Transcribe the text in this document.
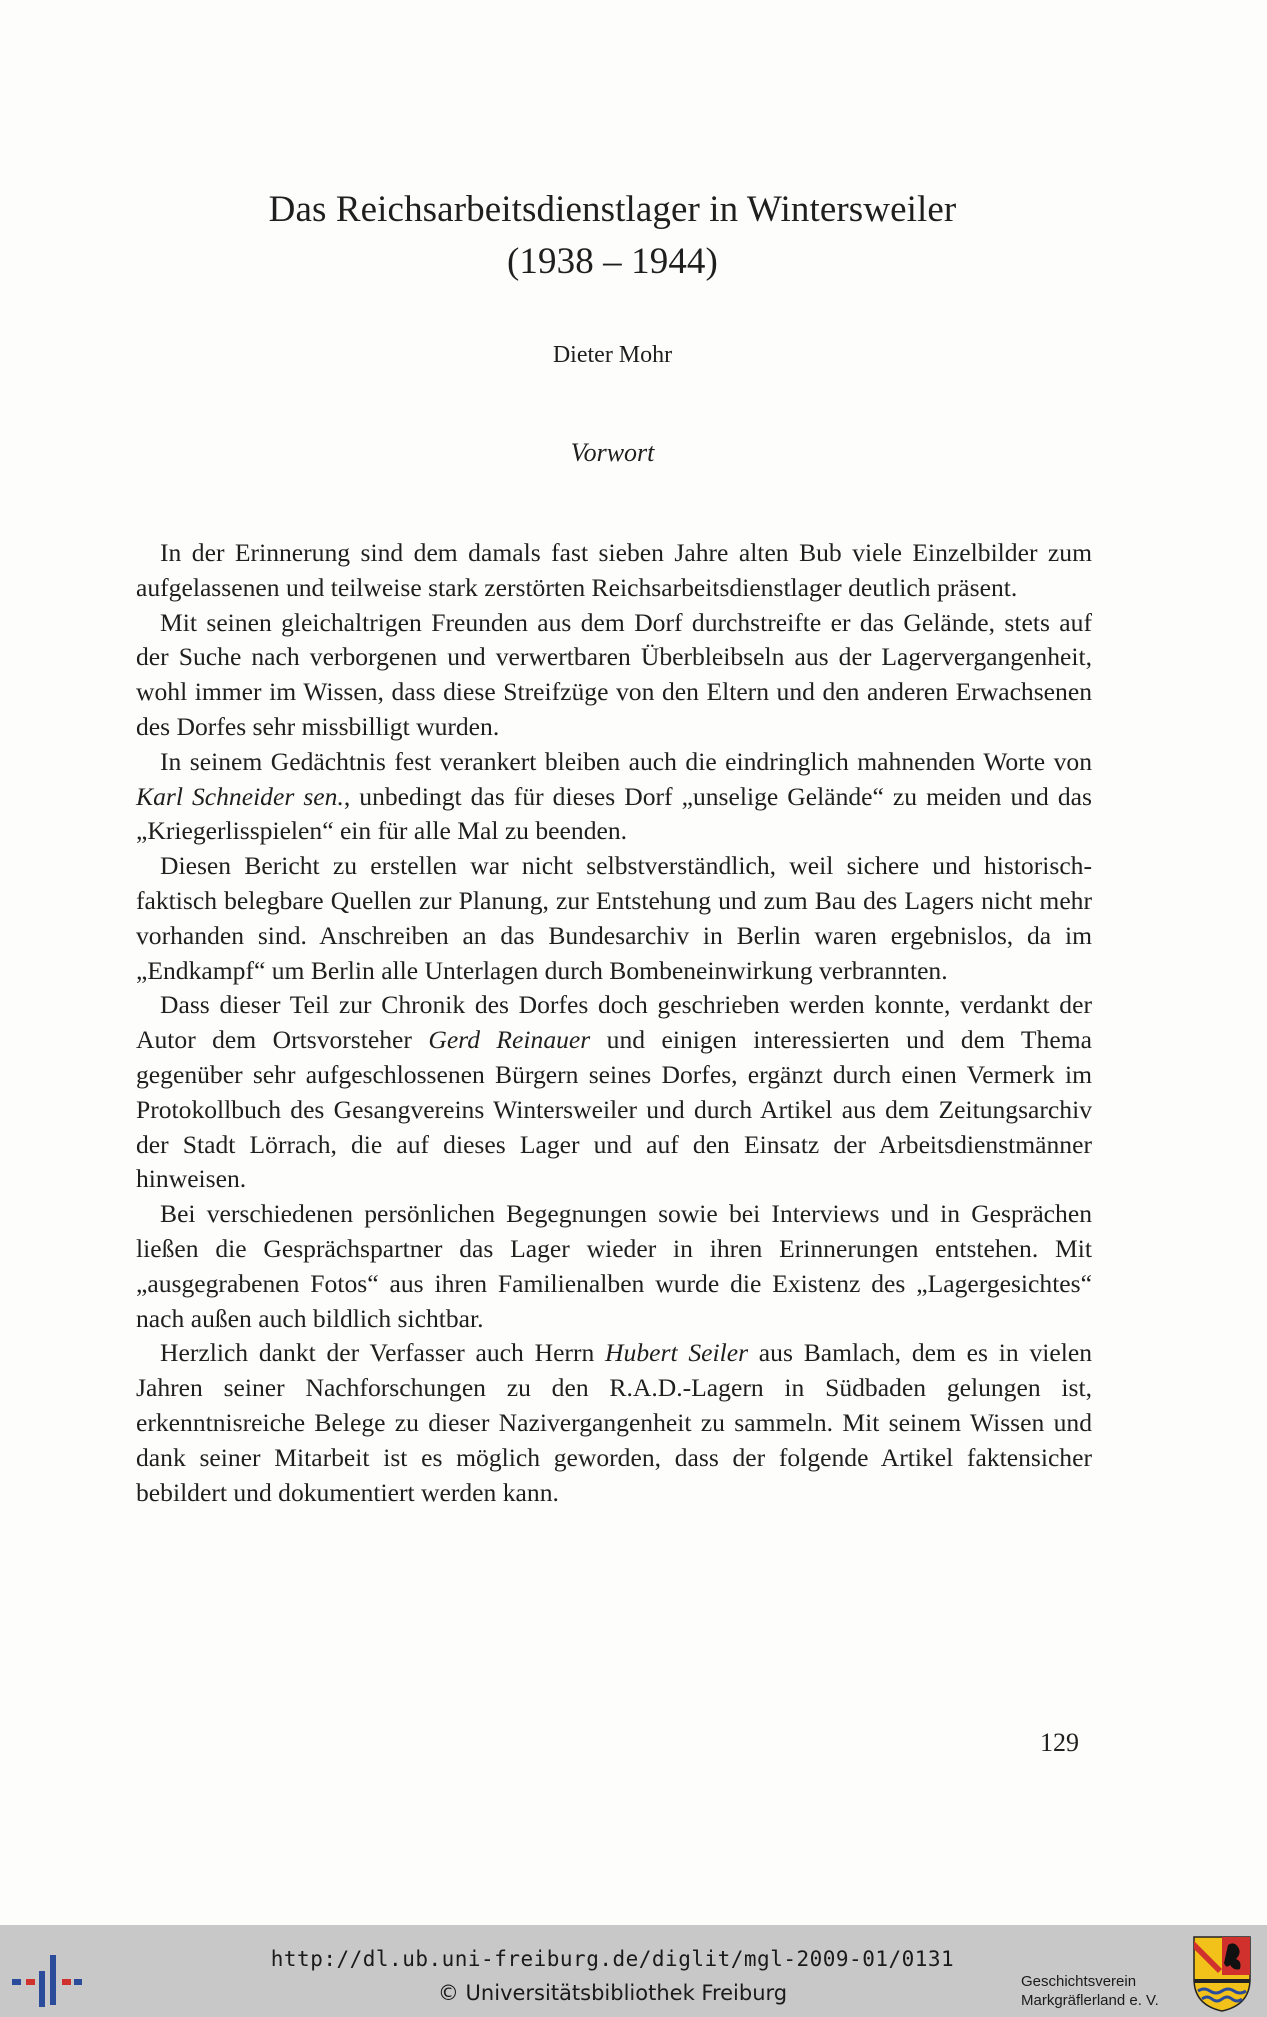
Das Reichsarbeitsdienstlager in Wintersweiler
(1938 – 1944)
Dieter Mohr
Vorwort

In der Erinnerung sind dem damals fast sieben Jahre alten Bub viele Einzelbilder zum aufgelassenen und teilweise stark zerstörten Reichsarbeitsdienstlager deutlich präsent.

Mit seinen gleichaltrigen Freunden aus dem Dorf durchstreifte er das Gelände, stets auf der Suche nach verborgenen und verwertbaren Überbleibseln aus der Lagervergangenheit, wohl immer im Wissen, dass diese Streifzüge von den Eltern und den anderen Erwachsenen des Dorfes sehr missbilligt wurden.

In seinem Gedächtnis fest verankert bleiben auch die eindringlich mahnenden Worte von Karl Schneider sen., unbedingt das für dieses Dorf „unselige Gelände“ zu meiden und das „Kriegerlisspielen“ ein für alle Mal zu beenden.

Diesen Bericht zu erstellen war nicht selbstverständlich, weil sichere und historisch-faktisch belegbare Quellen zur Planung, zur Entstehung und zum Bau des Lagers nicht mehr vorhanden sind. Anschreiben an das Bundesarchiv in Berlin waren ergebnislos, da im „Endkampf“ um Berlin alle Unterlagen durch Bombeneinwirkung verbrannten.

Dass dieser Teil zur Chronik des Dorfes doch geschrieben werden konnte, verdankt der Autor dem Ortsvorsteher Gerd Reinauer und einigen interessierten und dem Thema gegenüber sehr aufgeschlossenen Bürgern seines Dorfes, ergänzt durch einen Vermerk im Protokollbuch des Gesangvereins Wintersweiler und durch Artikel aus dem Zeitungsarchiv der Stadt Lörrach, die auf dieses Lager und auf den Einsatz der Arbeitsdienstmänner hinweisen.

Bei verschiedenen persönlichen Begegnungen sowie bei Interviews und in Gesprächen ließen die Gesprächspartner das Lager wieder in ihren Erinnerungen entstehen. Mit „ausgegrabenen Fotos“ aus ihren Familienalben wurde die Existenz des „Lagergesichtes“ nach außen auch bildlich sichtbar.

Herzlich dankt der Verfasser auch Herrn Hubert Seiler aus Bamlach, dem es in vielen Jahren seiner Nachforschungen zu den R.A.D.-Lagern in Südbaden gelungen ist, erkenntnisreiche Belege zu dieser Nazivergangenheit zu sammeln. Mit seinem Wissen und dank seiner Mitarbeit ist es möglich geworden, dass der folgende Artikel faktensicher bebildert und dokumentiert werden kann.

129
http://dl.ub.uni-freiburg.de/diglit/mgl-2009-01/0131
© Universitätsbibliothek Freiburg	Geschichtsverein
Markgräflerland e. V.
